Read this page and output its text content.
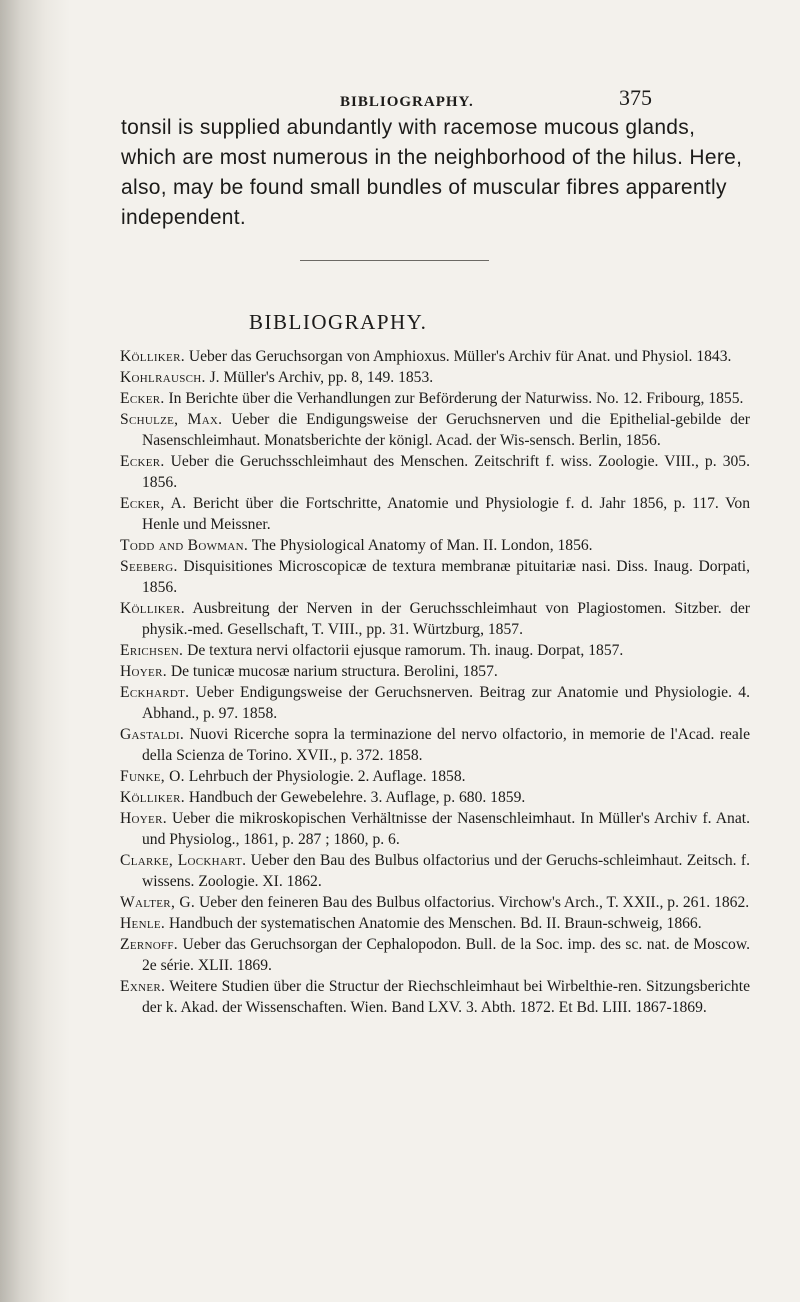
BIBLIOGRAPHY.	375

tonsil is supplied abundantly with racemose mucous glands, which are most numerous in the neighborhood of the hilus. Here, also, may be found small bundles of muscular fibres apparently independent.

BIBLIOGRAPHY.

Kölliker. Ueber das Geruchsorgan von Amphioxus. Müller's Archiv für Anat. und Physiol. 1843.

Kohlrausch. J. Müller's Archiv, pp. 8, 149. 1853.

Ecker. In Berichte über die Verhandlungen zur Beförderung der Naturwiss. No. 12. Fribourg, 1855.

Schulze, Max. Ueber die Endigungsweise der Geruchsnerven und die Epithelial-gebilde der Nasenschleimhaut. Monatsberichte der königl. Acad. der Wis-sensch. Berlin, 1856.

Ecker. Ueber die Geruchsschleimhaut des Menschen. Zeitschrift f. wiss. Zoologie. VIII., p. 305. 1856.

Ecker, A. Bericht über die Fortschritte, Anatomie und Physiologie f. d. Jahr 1856, p. 117. Von Henle und Meissner.

Todd and Bowman. The Physiological Anatomy of Man. II. London, 1856.

Seeberg. Disquisitiones Microscopicæ de textura membranæ pituitariæ nasi. Diss. Inaug. Dorpati, 1856.

Kölliker. Ausbreitung der Nerven in der Geruchsschleimhaut von Plagiostomen. Sitzber. der physik.-med. Gesellschaft, T. VIII., pp. 31. Würtzburg, 1857.

Erichsen. De textura nervi olfactorii ejusque ramorum. Th. inaug. Dorpat, 1857.

Hoyer. De tunicæ mucosæ narium structura. Berolini, 1857.

Eckhardt. Ueber Endigungsweise der Geruchsnerven. Beitrag zur Anatomie und Physiologie. 4. Abhand., p. 97. 1858.

Gastaldi. Nuovi Ricerche sopra la terminazione del nervo olfactorio, in memorie de l'Acad. reale della Scienza de Torino. XVII., p. 372. 1858.

Funke, O. Lehrbuch der Physiologie. 2. Auflage. 1858.

Kölliker. Handbuch der Gewebelehre. 3. Auflage, p. 680. 1859.

Hoyer. Ueber die mikroskopischen Verhältnisse der Nasenschleimhaut. In Müller's Archiv f. Anat. und Physiolog., 1861, p. 287 ; 1860, p. 6.

Clarke, Lockhart. Ueber den Bau des Bulbus olfactorius und der Geruchs-schleimhaut. Zeitsch. f. wissens. Zoologie. XI. 1862.

Walter, G. Ueber den feineren Bau des Bulbus olfactorius. Virchow's Arch., T. XXII., p. 261. 1862.

Henle. Handbuch der systematischen Anatomie des Menschen. Bd. II. Braun-schweig, 1866.

Zernoff. Ueber das Geruchsorgan der Cephalopodon. Bull. de la Soc. imp. des sc. nat. de Moscow. 2e série. XLII. 1869.

Exner. Weitere Studien über die Structur der Riechschleimhaut bei Wirbelthie-ren. Sitzungsberichte der k. Akad. der Wissenschaften. Wien. Band LXV. 3. Abth. 1872. Et Bd. LIII. 1867-1869.
